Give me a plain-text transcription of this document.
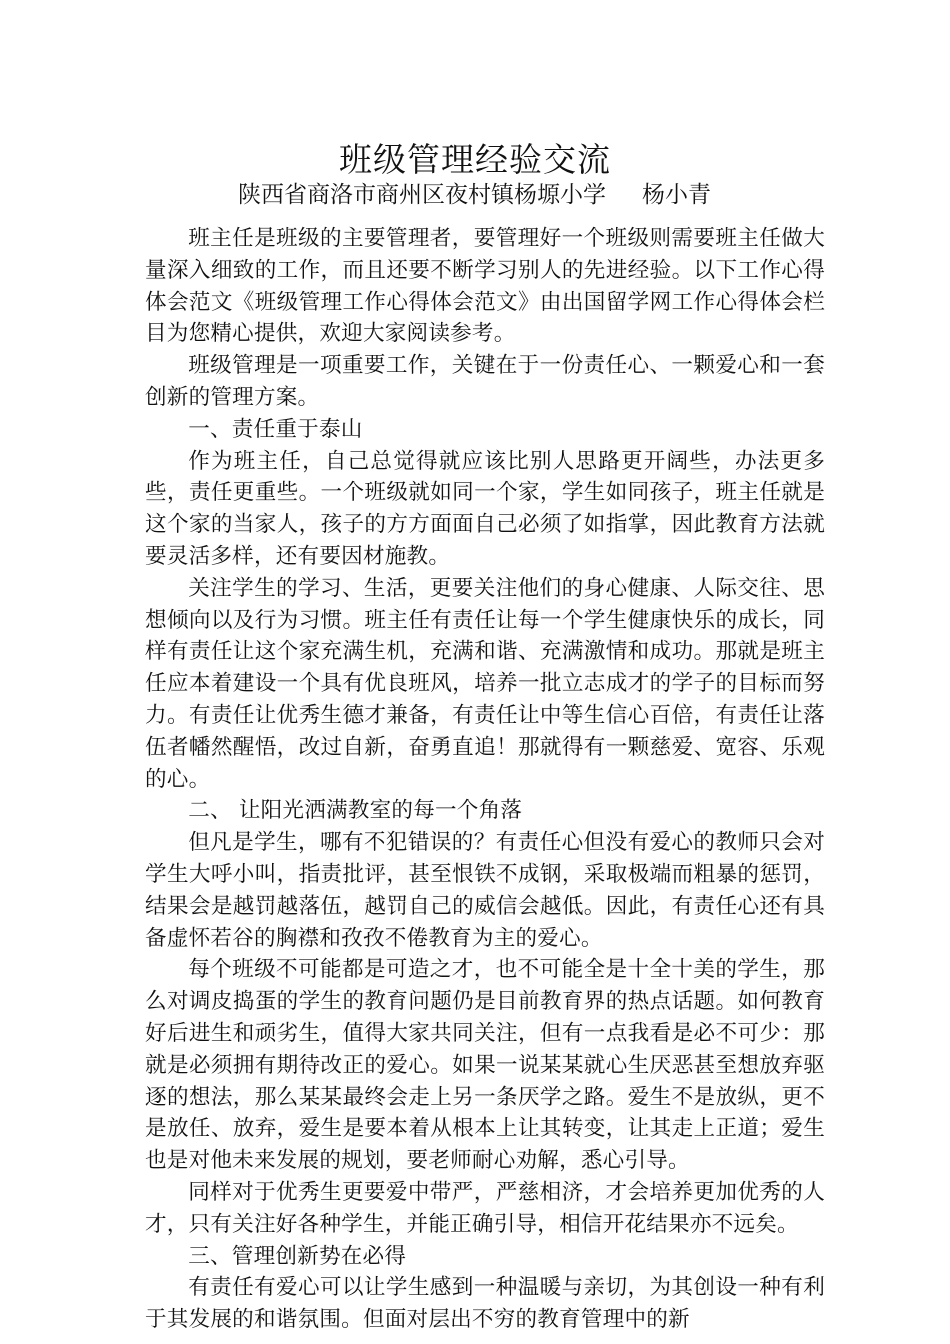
班级管理经验交流
陕西省商洛市商州区夜村镇杨塬小学 杨小青

班主任是班级的主要管理者，要管理好一个班级则需要班主任做大量深入细致的工作，而且还要不断学习别人的先进经验。以下工作心得体会范文《班级管理工作心得体会范文》由出国留学网工作心得体会栏目为您精心提供，欢迎大家阅读参考。

班级管理是一项重要工作，关键在于一份责任心、一颗爱心和一套创新的管理方案。

一、责任重于泰山

作为班主任，自己总觉得就应该比别人思路更开阔些，办法更多些，责任更重些。一个班级就如同一个家，学生如同孩子，班主任就是这个家的当家人，孩子的方方面面自己必须了如指掌，因此教育方法就要灵活多样，还有要因材施教。

关注学生的学习、生活，更要关注他们的身心健康、人际交往、思想倾向以及行为习惯。班主任有责任让每一个学生健康快乐的成长，同样有责任让这个家充满生机，充满和谐、充满激情和成功。那就是班主任应本着建设一个具有优良班风，培养一批立志成才的学子的目标而努力。有责任让优秀生德才兼备，有责任让中等生信心百倍，有责任让落伍者幡然醒悟，改过自新，奋勇直追！那就得有一颗慈爱、宽容、乐观的心。

二、 让阳光洒满教室的每一个角落

但凡是学生，哪有不犯错误的？有责任心但没有爱心的教师只会对学生大呼小叫，指责批评，甚至恨铁不成钢，采取极端而粗暴的惩罚，结果会是越罚越落伍，越罚自己的威信会越低。因此，有责任心还有具备虚怀若谷的胸襟和孜孜不倦教育为主的爱心。

每个班级不可能都是可造之才，也不可能全是十全十美的学生，那么对调皮捣蛋的学生的教育问题仍是目前教育界的热点话题。如何教育好后进生和顽劣生，值得大家共同关注，但有一点我看是必不可少：那就是必须拥有期待改正的爱心。如果一说某某就心生厌恶甚至想放弃驱逐的想法，那么某某最终会走上另一条厌学之路。爱生不是放纵，更不是放任、放弃，爱生是要本着从根本上让其转变，让其走上正道；爱生也是对他未来发展的规划，要老师耐心劝解，悉心引导。

同样对于优秀生更要爱中带严，严慈相济，才会培养更加优秀的人才，只有关注好各种学生，并能正确引导，相信开花结果亦不远矣。

三、管理创新势在必得

有责任有爱心可以让学生感到一种温暖与亲切，为其创设一种有利于其发展的和谐氛围。但面对层出不穷的教育管理中的新
